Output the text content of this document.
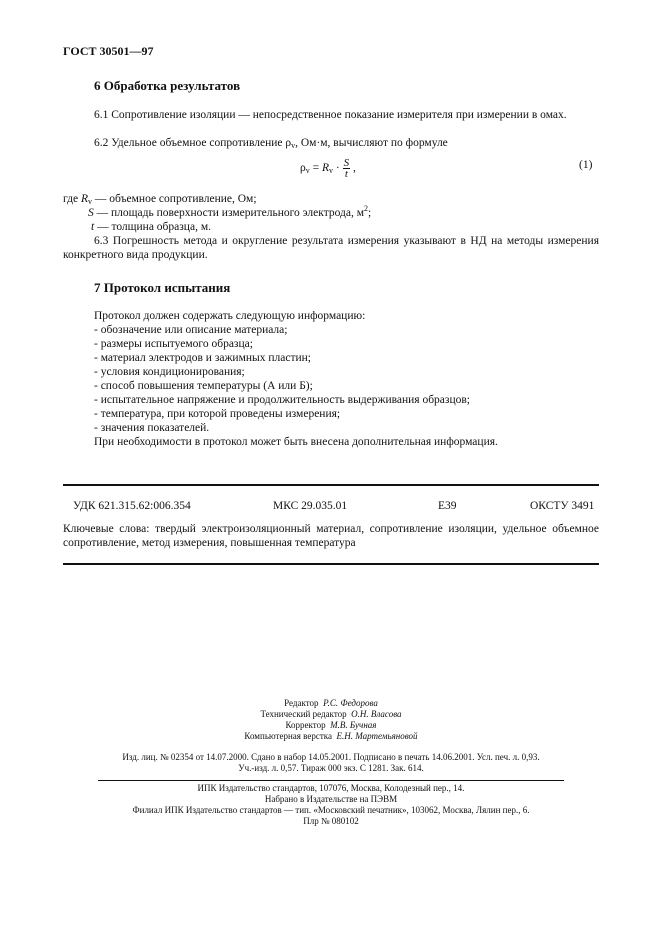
ГОСТ 30501—97
6 Обработка результатов
6.1 Сопротивление изоляции — непосредственное показание измерителя при измерении в омах.
6.2 Удельное объемное сопротивление $\rho_v$, Ом·м, вычисляют по формуле
$\rho_v = R_v \cdot \frac{S}{t}$ ,	(1)
где $R_v$ — объемное сопротивление, Ом;
S — площадь поверхности измерительного электрода, $м^2$;
t — толщина образца, м.
6.3 Погрешность метода и округление результата измерения указывают в НД на методы измерения конкретного вида продукции.
7 Протокол испытания
Протокол должен содержать следующую информацию:
- обозначение или описание материала;
- размеры испытуемого образца;
- материал электродов и зажимных пластин;
- условия кондиционирования;
- способ повышения температуры (А или Б);
- испытательное напряжение и продолжительность выдерживания образцов;
- температура, при которой проведены измерения;
- значения показателей.
При необходимости в протокол может быть внесена дополнительная информация.
УДК 621.315.62:006.354	МКС 29.035.01	Е39	ОКСТУ 3491
Ключевые слова: твердый электроизоляционный материал, сопротивление изоляции, удельное объемное сопротивление, метод измерения, повышенная температура
Редактор Р.С. Федорова
Технический редактор О.Н. Власова
Корректор М.В. Бучная
Компьютерная верстка Е.Н. Мартемьяновой
Изд. лиц. № 02354 от 14.07.2000. Сдано в набор 14.05.2001. Подписано в печать 14.06.2001. Усл. печ. л. 0,93.
Уч.-изд. л. 0,57. Тираж 000 экз. С 1281. Зак. 614.
ИПК Издательство стандартов, 107076, Москва, Колодезный пер., 14.
Набрано в Издательстве на ПЭВМ
Филиал ИПК Издательство стандартов — тип. «Московский печатник», 103062, Москва, Лялин пер., 6.
Плр № 080102
